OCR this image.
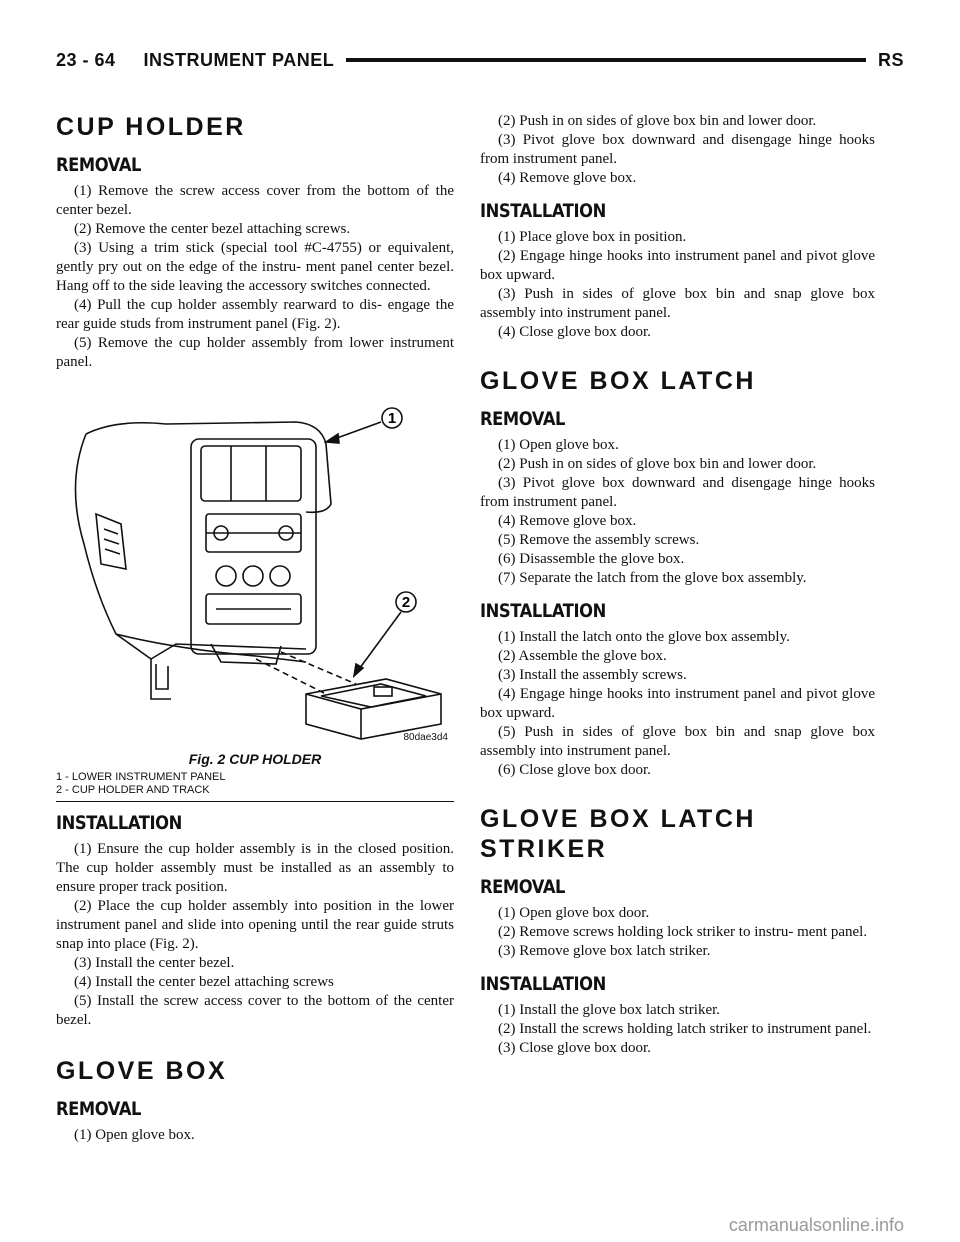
23 - 64 INSTRUMENT PANEL	RS
CUP HOLDER
REMOVAL

(1) Remove the screw access cover from the bottom of the center bezel.

(2) Remove the center bezel attaching screws.

(3) Using a trim stick (special tool #C-4755) or equivalent, gently pry out on the edge of the instru- ment panel center bezel. Hang off to the side leaving the accessory switches connected.

(4) Pull the cup holder assembly rearward to dis- engage the rear guide studs from instrument panel (Fig. 2).

(5) Remove the cup holder assembly from lower instrument panel.

1
2
80dae3d4
Fig. 2 CUP HOLDER
1 - LOWER INSTRUMENT PANEL
2 - CUP HOLDER AND TRACK
INSTALLATION

(1) Ensure the cup holder assembly is in the closed position. The cup holder assembly must be installed as an assembly to ensure proper track position.

(2) Place the cup holder assembly into position in the lower instrument panel and slide into opening until the rear guide struts snap into place (Fig. 2).

(3) Install the center bezel.

(4) Install the center bezel attaching screws

(5) Install the screw access cover to the bottom of the center bezel.

GLOVE BOX
REMOVAL

(1) Open glove box.

(2) Push in on sides of glove box bin and lower door.

(3) Pivot glove box downward and disengage hinge hooks from instrument panel.

(4) Remove glove box.

INSTALLATION

(1) Place glove box in position.

(2) Engage hinge hooks into instrument panel and pivot glove box upward.

(3) Push in sides of glove box bin and snap glove box assembly into instrument panel.

(4) Close glove box door.

GLOVE BOX LATCH
REMOVAL

(1) Open glove box.

(2) Push in on sides of glove box bin and lower door.

(3) Pivot glove box downward and disengage hinge hooks from instrument panel.

(4) Remove glove box.

(5) Remove the assembly screws.

(6) Disassemble the glove box.

(7) Separate the latch from the glove box assembly.

INSTALLATION

(1) Install the latch onto the glove box assembly.

(2) Assemble the glove box.

(3) Install the assembly screws.

(4) Engage hinge hooks into instrument panel and pivot glove box upward.

(5) Push in sides of glove box bin and snap glove box assembly into instrument panel.

(6) Close glove box door.

GLOVE BOX LATCH STRIKER
REMOVAL

(1) Open glove box door.

(2) Remove screws holding lock striker to instru- ment panel.

(3) Remove glove box latch striker.

INSTALLATION

(1) Install the glove box latch striker.

(2) Install the screws holding latch striker to instrument panel.

(3) Close glove box door.

carmanualsonline.info
